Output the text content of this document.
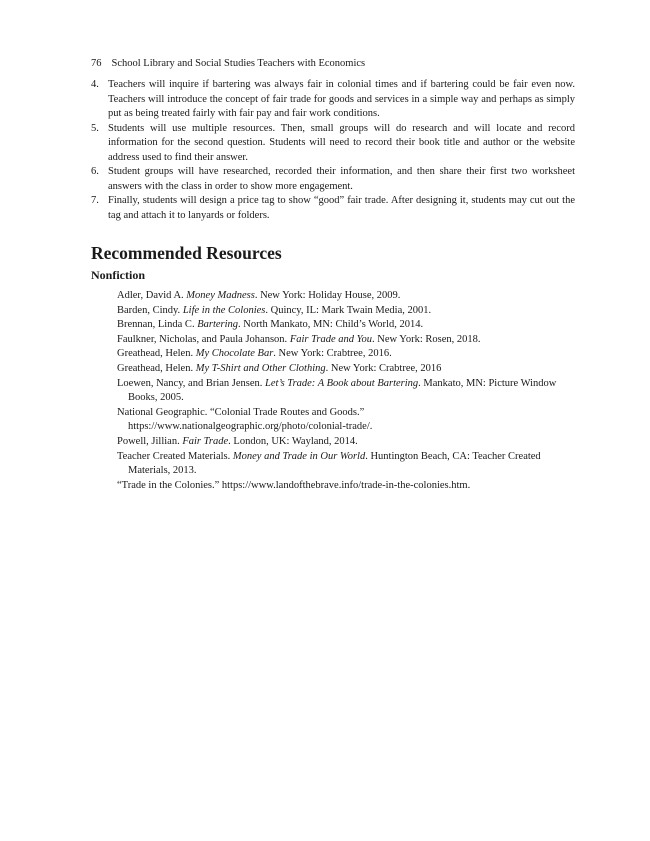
76 School Library and Social Studies Teachers with Economics
4. Teachers will inquire if bartering was always fair in colonial times and if bartering could be fair even now. Teachers will introduce the concept of fair trade for goods and services in a simple way and perhaps as simply put as being treated fairly with fair pay and fair work conditions.
5. Students will use multiple resources. Then, small groups will do research and will locate and record information for the second question. Students will need to record their book title and author or the website address used to find their answer.
6. Student groups will have researched, recorded their information, and then share their first two worksheet answers with the class in order to show more engagement.
7. Finally, students will design a price tag to show “good” fair trade. After designing it, students may cut out the tag and attach it to lanyards or folders.
Recommended Resources
Nonfiction
Adler, David A. Money Madness. New York: Holiday House, 2009.
Barden, Cindy. Life in the Colonies. Quincy, IL: Mark Twain Media, 2001.
Brennan, Linda C. Bartering. North Mankato, MN: Child’s World, 2014.
Faulkner, Nicholas, and Paula Johanson. Fair Trade and You. New York: Rosen, 2018.
Greathead, Helen. My Chocolate Bar. New York: Crabtree, 2016.
Greathead, Helen. My T-Shirt and Other Clothing. New York: Crabtree, 2016
Loewen, Nancy, and Brian Jensen. Let’s Trade: A Book about Bartering. Mankato, MN: Picture Window Books, 2005.
National Geographic. “Colonial Trade Routes and Goods.” https://www.nationalgeographic.org/photo/colonial-trade/.
Powell, Jillian. Fair Trade. London, UK: Wayland, 2014.
Teacher Created Materials. Money and Trade in Our World. Huntington Beach, CA: Teacher Created Materials, 2013.
“Trade in the Colonies.” https://www.landofthebrave.info/trade-in-the-colonies.htm.
